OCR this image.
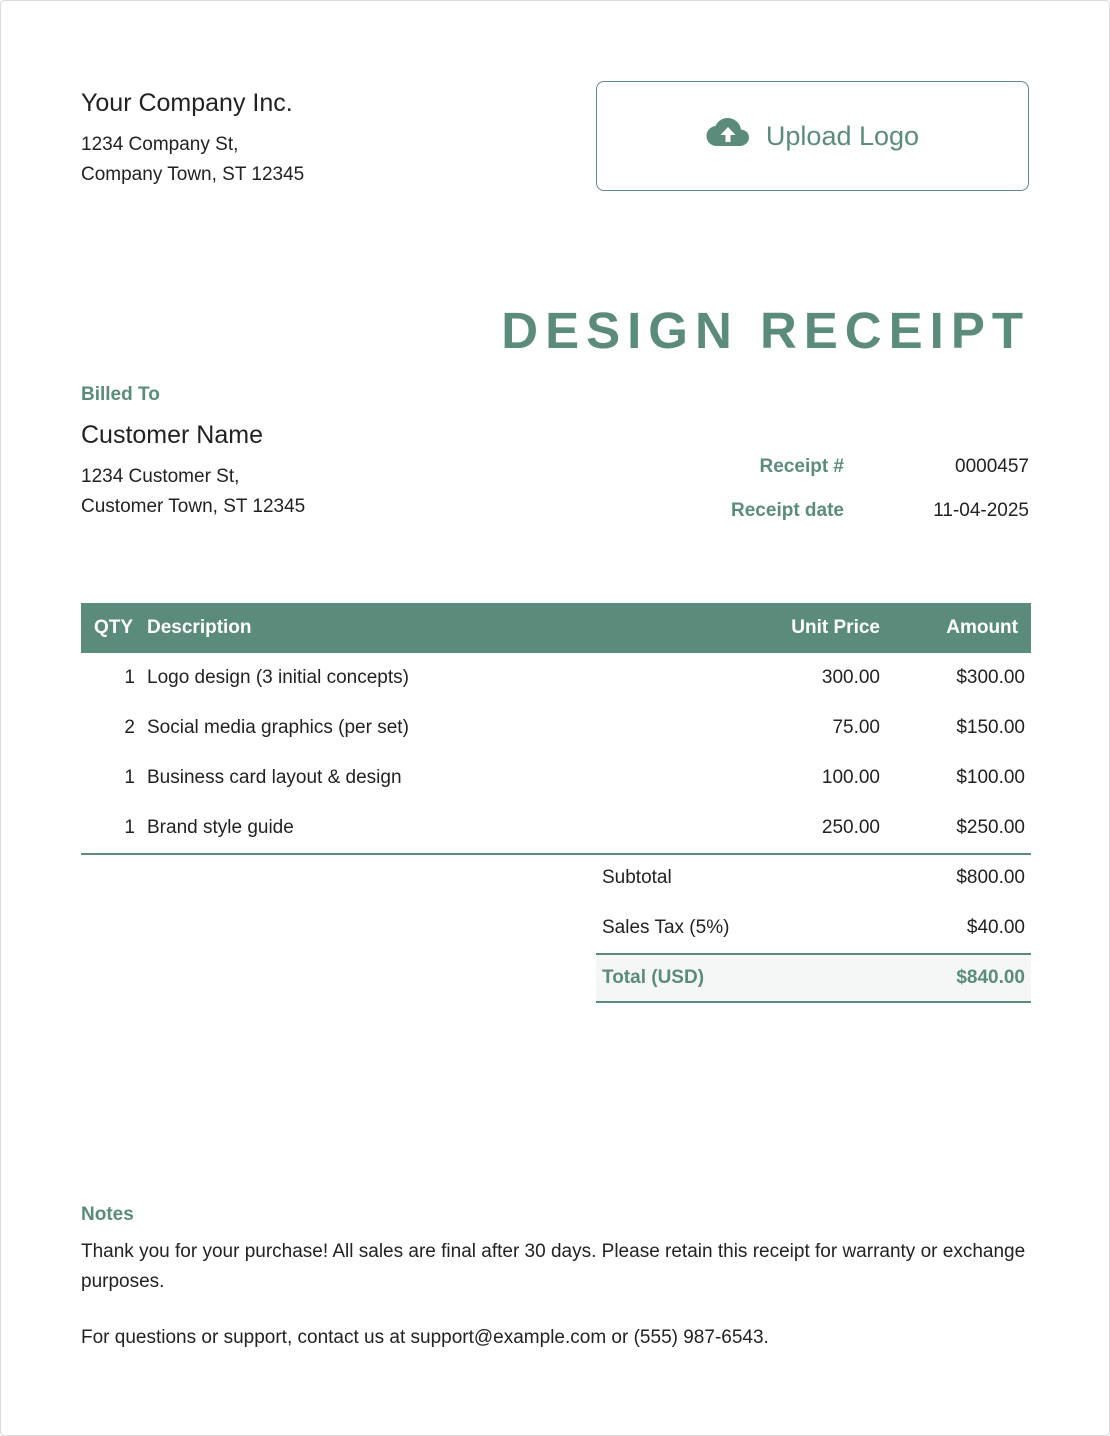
Your Company Inc.
1234 Company St,
Company Town, ST 12345
Upload Logo
DESIGN RECEIPT
Billed To
Customer Name
1234 Customer St,
Customer Town, ST 12345
Receipt #	0000457
Receipt date	11-04-2025
QTY Description	Unit Price	Amount
1 Logo design (3 initial concepts)	300.00	$300.00
2 Social media graphics (per set)	75.00	$150.00
1 Business card layout & design	100.00	$100.00
1 Brand style guide	250.00	$250.00
Subtotal	$800.00
Sales Tax (5%)	$40.00
Total (USD)	$840.00
Notes
Thank you for your purchase! All sales are final after 30 days. Please retain this receipt for warranty or exchange purposes.
For questions or support, contact us at support@example.com or (555) 987-6543.
